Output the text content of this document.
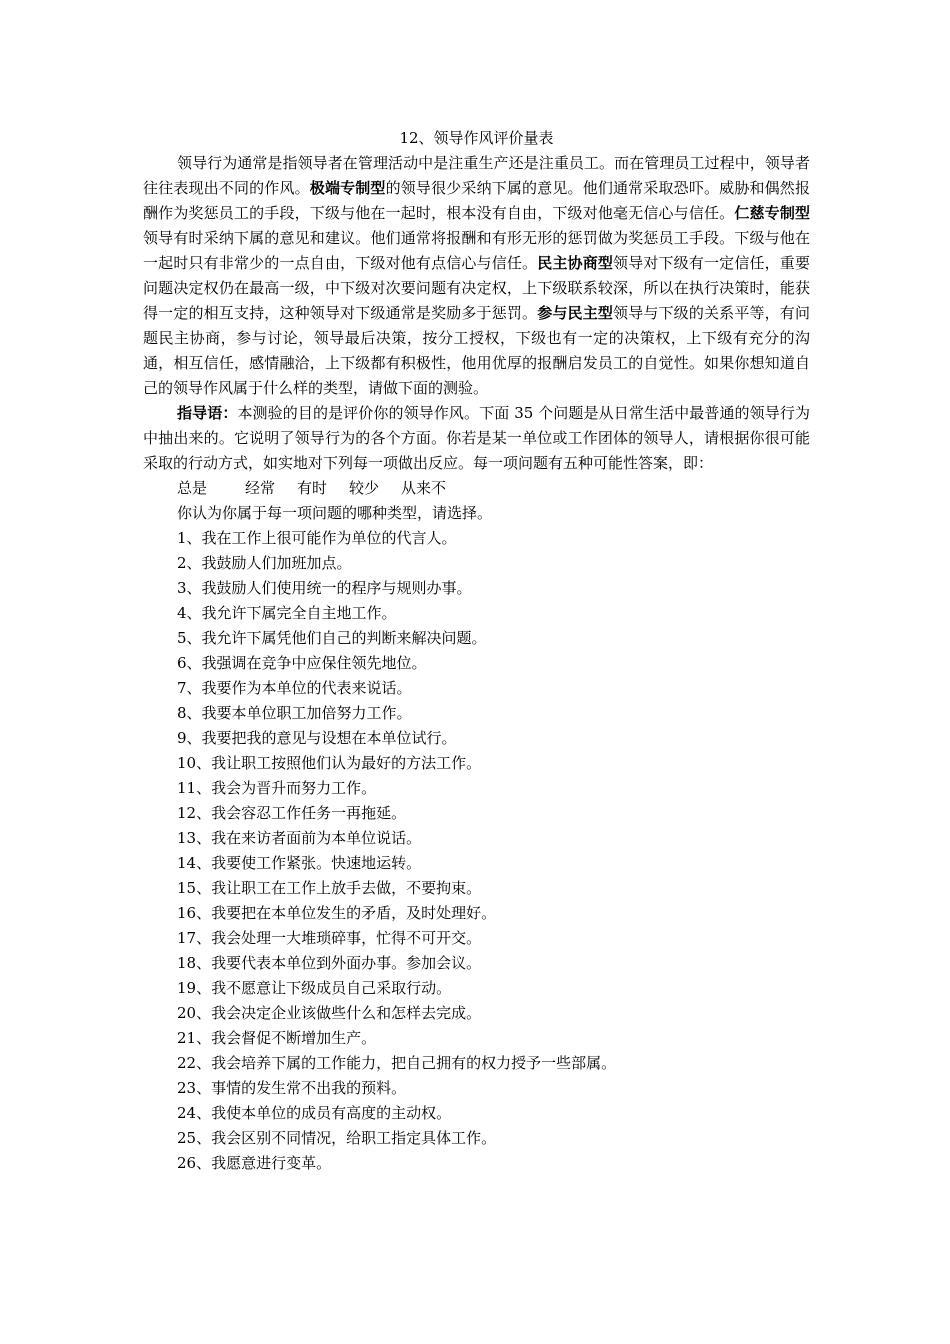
12、领导作风评价量表

领导行为通常是指领导者在管理活动中是注重生产还是注重员工。而在管理员工过程中，领导者往往表现出不同的作风。极端专制型的领导很少采纳下属的意见。他们通常采取恐吓。威胁和偶然报酬作为奖惩员工的手段，下级与他在一起时，根本没有自由，下级对他毫无信心与信任。仁慈专制型领导有时采纳下属的意见和建议。他们通常将报酬和有形无形的惩罚做为奖惩员工手段。下级与他在一起时只有非常少的一点自由，下级对他有点信心与信任。民主协商型领导对下级有一定信任，重要问题决定权仍在最高一级，中下级对次要问题有决定权，上下级联系较深，所以在执行决策时，能获得一定的相互支持，这种领导对下级通常是奖励多于惩罚。参与民主型领导与下级的关系平等，有问题民主协商，参与讨论，领导最后决策，按分工授权，下级也有一定的决策权，上下级有充分的沟通，相互信任，感情融洽，上下级都有积极性，他用优厚的报酬启发员工的自觉性。如果你想知道自己的领导作风属于什么样的类型，请做下面的测验。

指导语：本测验的目的是评价你的领导作风。下面 35 个问题是从日常生活中最普通的领导行为中抽出来的。它说明了领导行为的各个方面。你若是某一单位或工作团体的领导人，请根据你很可能采取的行动方式，如实地对下列每一项做出反应。每一项问题有五种可能性答案，即：

总是	经常	有时	较少	从来不

你认为你属于每一项问题的哪种类型，请选择。

1、我在工作上很可能作为单位的代言人。
2、我鼓励人们加班加点。
3、我鼓励人们使用统一的程序与规则办事。
4、我允许下属完全自主地工作。
5、我允许下属凭他们自己的判断来解决问题。
6、我强调在竞争中应保住领先地位。
7、我要作为本单位的代表来说话。
8、我要本单位职工加倍努力工作。
9、我要把我的意见与设想在本单位试行。
10、我让职工按照他们认为最好的方法工作。
11、我会为晋升而努力工作。
12、我会容忍工作任务一再拖延。
13、我在来访者面前为本单位说话。
14、我要使工作紧张。快速地运转。
15、我让职工在工作上放手去做，不要拘束。
16、我要把在本单位发生的矛盾，及时处理好。
17、我会处理一大堆琐碎事，忙得不可开交。
18、我要代表本单位到外面办事。参加会议。
19、我不愿意让下级成员自己采取行动。
20、我会决定企业该做些什么和怎样去完成。
21、我会督促不断增加生产。
22、我会培养下属的工作能力，把自己拥有的权力授予一些部属。
23、事情的发生常不出我的预料。
24、我使本单位的成员有高度的主动权。
25、我会区别不同情况，给职工指定具体工作。
26、我愿意进行变革。
